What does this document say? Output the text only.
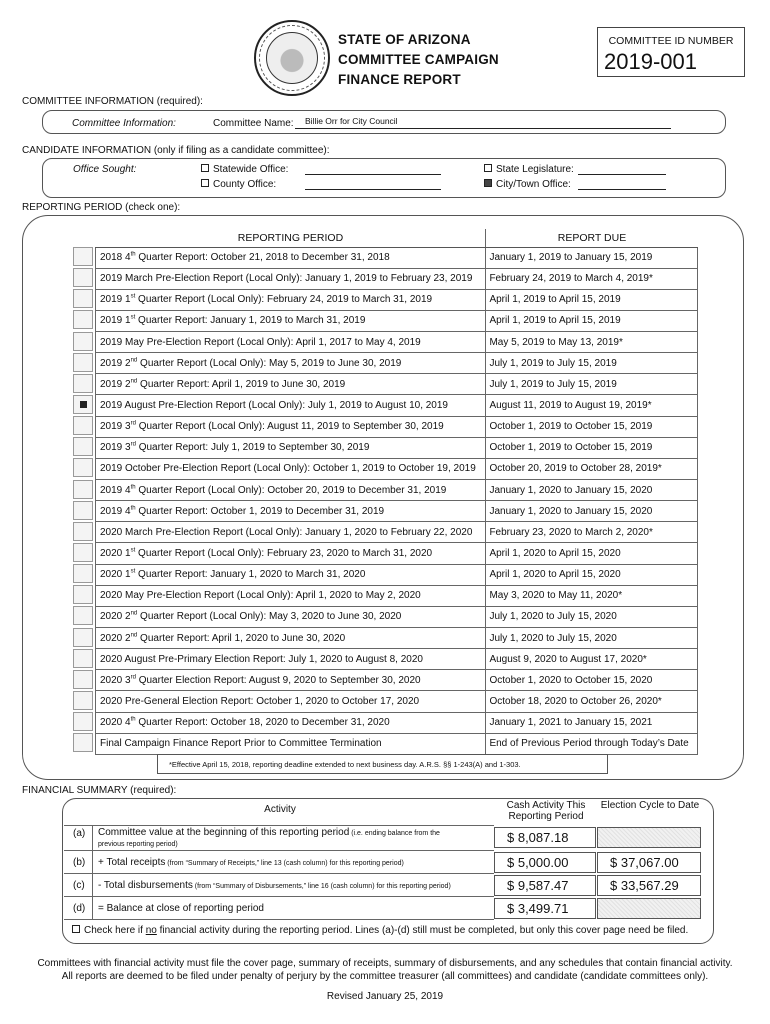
STATE OF ARIZONA
COMMITTEE CAMPAIGN
FINANCE REPORT
COMMITTEE ID NUMBER
2019-001
COMMITTEE INFORMATION (required):
Committee Information:	Committee Name: Billie Orr for City Council
CANDIDATE INFORMATION (only if filing as a candidate committee):
Office Sought:	Statewide Office:
County Office:
State Legislature:
City/Town Office:
REPORTING PERIOD (check one):
REPORTING PERIOD	REPORT DUE
2018 4th Quarter Report: October 21, 2018 to December 31, 2018	January 1, 2019 to January 15, 2019
2019 March Pre-Election Report (Local Only): January 1, 2019 to February 23, 2019	February 24, 2019 to March 4, 2019*
2019 1st Quarter Report (Local Only): February 24, 2019 to March 31, 2019	April 1, 2019 to April 15, 2019
2019 1st Quarter Report: January 1, 2019 to March 31, 2019	April 1, 2019 to April 15, 2019
2019 May Pre-Election Report (Local Only): April 1, 2017 to May 4, 2019	May 5, 2019 to May 13, 2019*
2019 2nd Quarter Report (Local Only): May 5, 2019 to June 30, 2019	July 1, 2019 to July 15, 2019
2019 2nd Quarter Report: April 1, 2019 to June 30, 2019	July 1, 2019 to July 15, 2019
2019 August Pre-Election Report (Local Only): July 1, 2019 to August 10, 2019	August 11, 2019 to August 19, 2019*
2019 3rd Quarter Report (Local Only): August 11, 2019 to September 30, 2019	October 1, 2019 to October 15, 2019
2019 3rd Quarter Report: July 1, 2019 to September 30, 2019	October 1, 2019 to October 15, 2019
2019 October Pre-Election Report (Local Only): October 1, 2019 to October 19, 2019	October 20, 2019 to October 28, 2019*
2019 4th Quarter Report (Local Only): October 20, 2019 to December 31, 2019	January 1, 2020 to January 15, 2020
2019 4th Quarter Report: October 1, 2019 to December 31, 2019	January 1, 2020 to January 15, 2020
2020 March Pre-Election Report (Local Only): January 1, 2020 to February 22, 2020	February 23, 2020 to March 2, 2020*
2020 1st Quarter Report (Local Only): February 23, 2020 to March 31, 2020	April 1, 2020 to April 15, 2020
2020 1st Quarter Report: January 1, 2020 to March 31, 2020	April 1, 2020 to April 15, 2020
2020 May Pre-Election Report (Local Only): April 1, 2020 to May 2, 2020	May 3, 2020 to May 11, 2020*
2020 2nd Quarter Report (Local Only): May 3, 2020 to June 30, 2020	July 1, 2020 to July 15, 2020
2020 2nd Quarter Report: April 1, 2020 to June 30, 2020	July 1, 2020 to July 15, 2020
2020 August Pre-Primary Election Report: July 1, 2020 to August 8, 2020	August 9, 2020 to August 17, 2020*
2020 3rd Quarter Election Report: August 9, 2020 to September 30, 2020	October 1, 2020 to October 15, 2020
2020 Pre-General Election Report: October 1, 2020 to October 17, 2020	October 18, 2020 to October 26, 2020*
2020 4th Quarter Report: October 18, 2020 to December 31, 2020	January 1, 2021 to January 15, 2021
Final Campaign Finance Report Prior to Committee Termination	End of Previous Period through Today’s Date
*Effective April 15, 2018, reporting deadline extended to next business day. A.R.S. §§ 1-243(A) and 1-303.
FINANCIAL SUMMARY (required):
Activity	Cash Activity This Reporting Period
Election Cycle to Date
(a) Committee value at the beginning of this reporting period (i.e. ending balance from the
previous reporting period)	$ 8,087.18
(b) + Total receipts (from “Summary of Receipts,” line 13 (cash column) for this reporting period)	$ 5,000.00	$ 37,067.00
(c) - Total disbursements (from “Summary of Disbursements,” line 16 (cash column) for this reporting period)	$ 9,587.47	$ 33,567.29
(d) = Balance at close of reporting period	$ 3,499.71
Check here if no financial activity during the reporting period. Lines (a)-(d) still must be completed, but only this cover page need be filed.
Committees with financial activity must file the cover page, summary of receipts, summary of disbursements, and any schedules that contain financial activity.
All reports are deemed to be filed under penalty of perjury by the committee treasurer (all committees) and candidate (candidate committees only).
Revised January 25, 2019
